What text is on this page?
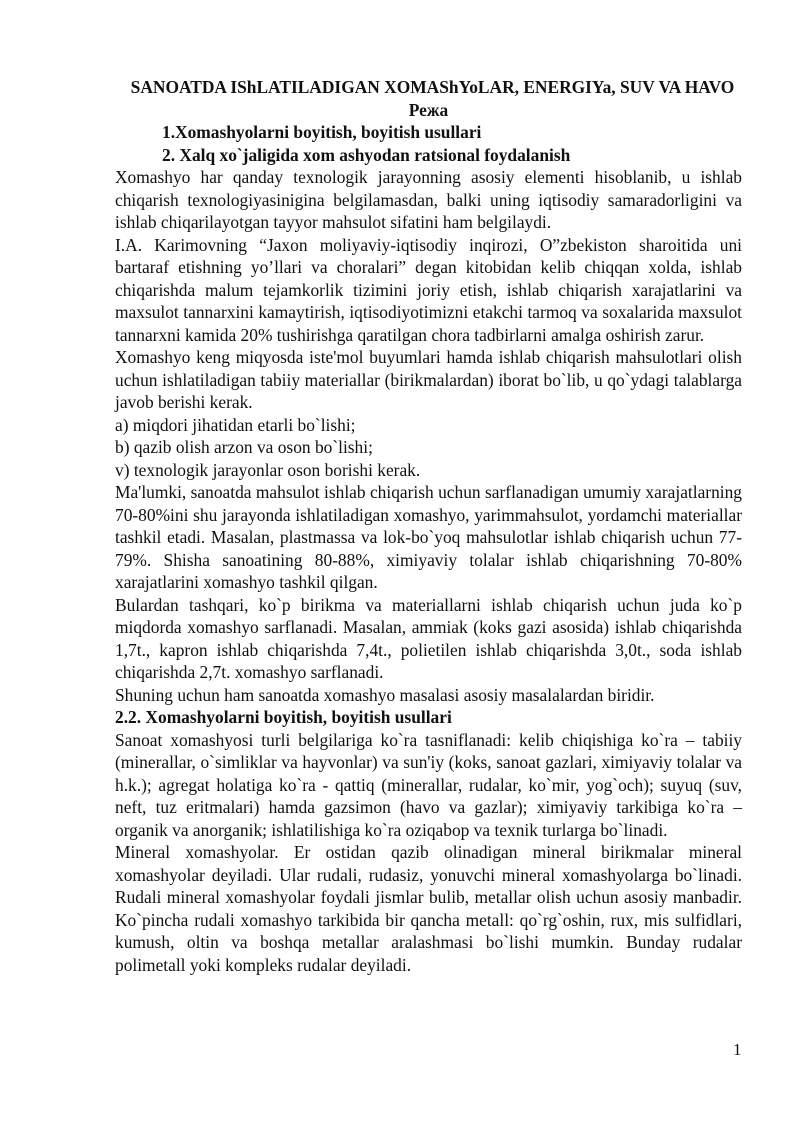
SANOATDA IShLATILADIGAN XOMAShYoLAR, ENERGIYa, SUV VA HAVO
Режа
1.Xomashyolarni boyitish, boyitish usullari
2. Xalq xo`jaligida xom ashyodan ratsional foydalanish
Xomashyo har qanday texnologik jarayonning asosiy elementi hisoblanib, u ishlab chiqarish texnologiyasinigina belgilamasdan, balki uning iqtisodiy samaradorligini va ishlab chiqarilayotgan tayyor mahsulot sifatini ham belgilaydi.
I.A. Karimovning “Jaxon moliyaviy-iqtisodiy inqirozi, O”zbekiston sharoitida uni bartaraf etishning yo’llari va choralari” degan kitobidan kelib chiqqan xolda, ishlab chiqarishda malum tejamkorlik tizimini joriy etish, ishlab chiqarish xarajatlarini va maxsulot tannarxini kamaytirish, iqtisodiyotimizni etakchi tarmoq va soxalarida maxsulot tannarxni kamida 20% tushirishga qaratilgan chora tadbirlarni amalga oshirish zarur.
Xomashyo keng miqyosda iste'mol buyumlari hamda ishlab chiqarish mahsulotlari olish uchun ishlatiladigan tabiiy materiallar (birikmalardan) iborat bo`lib, u qo`ydagi talablarga javob berishi kerak.
a) miqdori jihatidan etarli bo`lishi;
b) qazib olish arzon va oson bo`lishi;
v) texnologik jarayonlar oson borishi kerak.
Ma'lumki, sanoatda mahsulot ishlab chiqarish uchun sarflanadigan umumiy xarajatlarning 70-80%ini shu jarayonda ishlatiladigan xomashyo, yarimmahsulot, yordamchi materiallar tashkil etadi. Masalan, plastmassa va lok-bo`yoq mahsulotlar ishlab chiqarish uchun 77-79%. Shisha sanoatining 80-88%, ximiyaviy tolalar ishlab chiqarishning 70-80% xarajatlarini xomashyo tashkil qilgan.
Bulardan tashqari, ko`p birikma va materiallarni ishlab chiqarish uchun juda ko`p miqdorda xomashyo sarflanadi. Masalan, ammiak (koks gazi asosida) ishlab chiqarishda 1,7t., kapron ishlab chiqarishda 7,4t., polietilen ishlab chiqarishda 3,0t., soda ishlab chiqarishda 2,7t. xomashyo sarflanadi.
Shuning uchun ham sanoatda xomashyo masalasi asosiy masalalardan biridir.
2.2. Xomashyolarni boyitish, boyitish usullari
Sanoat xomashyosi turli belgilariga ko`ra tasniflanadi: kelib chiqishiga ko`ra – tabiiy (minerallar, o`simliklar va hayvonlar) va sun'iy (koks, sanoat gazlari, ximiyaviy tolalar va h.k.); agregat holatiga ko`ra - qattiq (minerallar, rudalar, ko`mir, yog`och); suyuq (suv, neft, tuz eritmalari) hamda gazsimon (havo va gazlar); ximiyaviy tarkibiga ko`ra – organik va anorganik; ishlatilishiga ko`ra oziqabop va texnik turlarga bo`linadi.
Mineral xomashyolar. Er ostidan qazib olinadigan mineral birikmalar mineral xomashyolar deyiladi. Ular rudali, rudasiz, yonuvchi mineral xomashyolarga bo`linadi. Rudali mineral xomashyolar foydali jismlar bulib, metallar olish uchun asosiy manbadir. Ko`pincha rudali xomashyo tarkibida bir qancha metall: qo`rg`oshin, rux, mis sulfidlari, kumush, oltin va boshqa metallar aralashmasi bo`lishi mumkin. Bunday rudalar polimetall yoki kompleks rudalar deyiladi.
1
